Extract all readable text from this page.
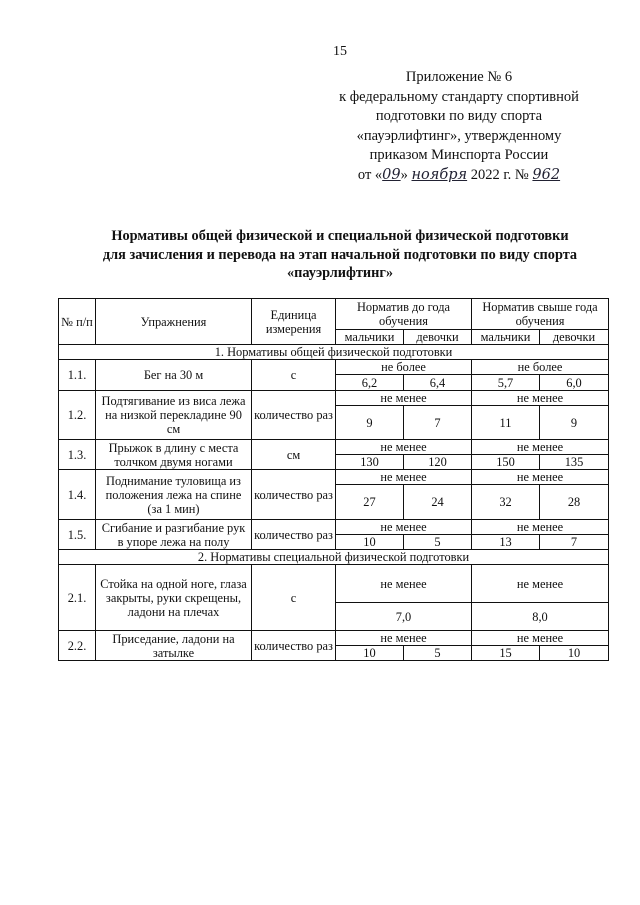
15
Приложение № 6
к федеральному стандарту спортивной
подготовки по виду спорта
«пауэрлифтинг», утвержденному
приказом Минспорта России
от «09» ноября 2022 г. № 962
Нормативы общей физической и специальной физической подготовки
для зачисления и перевода на этап начальной подготовки по виду спорта
«пауэрлифтинг»
№ п/п	Упражнения	Единица измерения	Норматив до года обучения		Норматив свыше года обучения	
			мальчики	девочки	мальчики	девочки
1. Нормативы общей физической подготовки						
1.1.	Бег на 30 м	с	не более		не более	
			6,2	6,4	5,7	6,0
1.2.	Подтягивание из виса лежа на низкой перекладине 90 см	количество раз	не менее		не менее	
			9	7	11	9
1.3.	Прыжок в длину с места толчком двумя ногами	см	не менее		не менее	
			130	120	150	135
1.4.	Поднимание туловища из положения лежа на спине (за 1 мин)	количество раз	не менее		не менее	
			27	24	32	28
1.5.	Сгибание и разгибание рук в упоре лежа на полу	количество раз	не менее		не менее	
			10	5	13	7
2. Нормативы специальной физической подготовки						
2.1.	Стойка на одной ноге, глаза закрыты, руки скрещены, ладони на плечах	с	не менее		не менее	
			7,0		8,0	
2.2.	Приседание, ладони на затылке	количество раз	не менее		не менее	
			10	5	15	10
